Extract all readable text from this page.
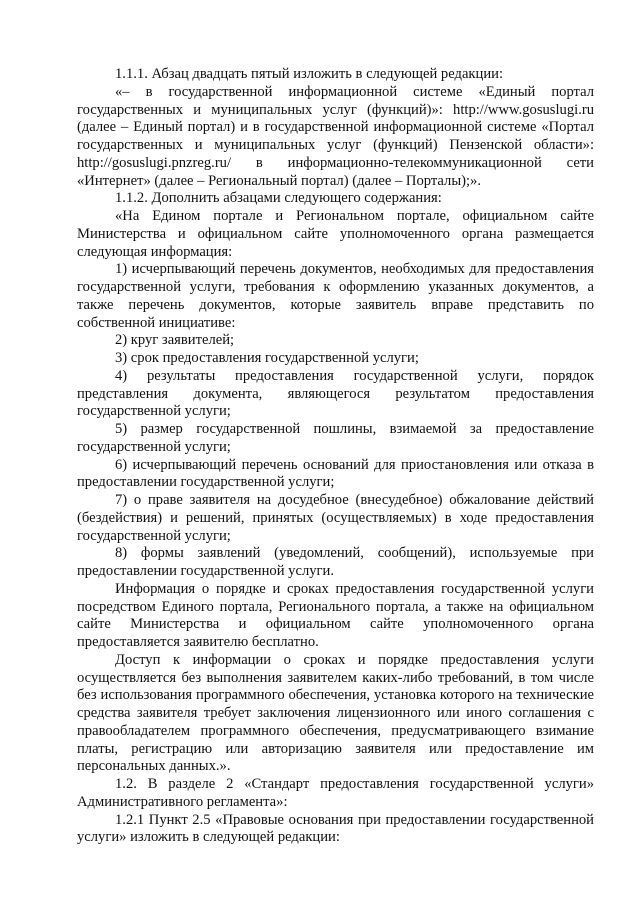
1.1.1. Абзац двадцать пятый изложить в следующей редакции:

«– в государственной информационной системе «Единый портал государственных и муниципальных услуг (функций)»: http://www.gosuslugi.ru (далее – Единый портал) и в государственной информационной системе «Портал государственных и муниципальных услуг (функций) Пензенской области»: http://gosuslugi.pnzreg.ru/ в информационно-телекоммуникационной сети «Интернет» (далее – Региональный портал) (далее – Порталы);».

1.1.2. Дополнить абзацами следующего содержания:

«На Едином портале и Региональном портале, официальном сайте Министерства и официальном сайте уполномоченного органа размещается следующая информация:

1) исчерпывающий перечень документов, необходимых для предоставления государственной услуги, требования к оформлению указанных документов, а также перечень документов, которые заявитель вправе представить по собственной инициативе:

2) круг заявителей;

3) срок предоставления государственной услуги;

4) результаты предоставления государственной услуги, порядок представления документа, являющегося результатом предоставления государственной услуги;

5) размер государственной пошлины, взимаемой за предоставление государственной услуги;

6) исчерпывающий перечень оснований для приостановления или отказа в предоставлении государственной услуги;

7) о праве заявителя на досудебное (внесудебное) обжалование действий (бездействия) и решений, принятых (осуществляемых) в ходе предоставления государственной услуги;

8) формы заявлений (уведомлений, сообщений), используемые при предоставлении государственной услуги.

Информация о порядке и сроках предоставления государственной услуги посредством Единого портала, Регионального портала, а также на официальном сайте Министерства и официальном сайте уполномоченного органа предоставляется заявителю бесплатно.

Доступ к информации о сроках и порядке предоставления услуги осуществляется без выполнения заявителем каких-либо требований, в том числе без использования программного обеспечения, установка которого на технические средства заявителя требует заключения лицензионного или иного соглашения с правообладателем программного обеспечения, предусматривающего взимание платы, регистрацию или авторизацию заявителя или предоставление им персональных данных.».

1.2. В разделе 2 «Стандарт предоставления государственной услуги» Административного регламента»:

1.2.1 Пункт 2.5 «Правовые основания при предоставлении государственной услуги» изложить в следующей редакции:
